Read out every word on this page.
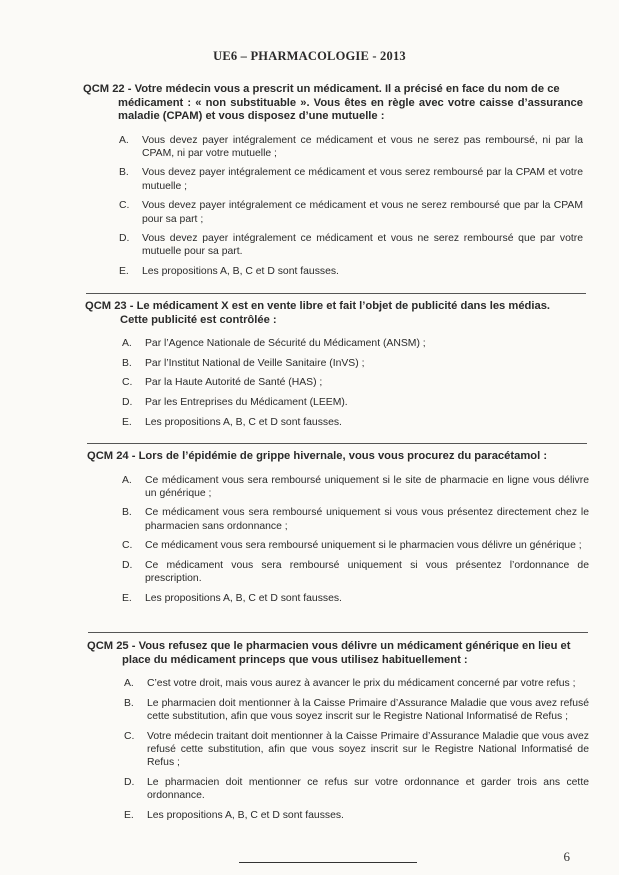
UE6 – PHARMACOLOGIE - 2013
QCM 22 - Votre médecin vous a prescrit un médicament. Il a précisé en face du nom de ce
médicament : « non substituable ». Vous êtes en règle avec votre caisse d’assurance maladie (CPAM) et vous disposez d’une mutuelle :
A.	Vous devez payer intégralement ce médicament et vous ne serez pas remboursé, ni par la CPAM, ni par votre mutuelle ;
B.	Vous devez payer intégralement ce médicament et vous serez remboursé par la CPAM et votre mutuelle ;
C.	Vous devez payer intégralement ce médicament et vous ne serez remboursé que par la CPAM pour sa part ;
D.	Vous devez payer intégralement ce médicament et vous ne serez remboursé que par votre mutuelle pour sa part.
E.	Les propositions A, B, C et D sont fausses.
QCM 23 - Le médicament X est en vente libre et fait l’objet de publicité dans les médias.
Cette publicité est contrôlée :
A.	Par l’Agence Nationale de Sécurité du Médicament (ANSM) ;
B.	Par l’Institut National de Veille Sanitaire (InVS) ;
C.	Par la Haute Autorité de Santé (HAS) ;
D.	Par les Entreprises du Médicament (LEEM).
E.	Les propositions A, B, C et D sont fausses.
QCM 24 - Lors de l’épidémie de grippe hivernale, vous vous procurez du paracétamol :
A.	Ce médicament vous sera remboursé uniquement si le site de pharmacie en ligne vous délivre un générique ;
B.	Ce médicament vous sera remboursé uniquement si vous vous présentez directement chez le pharmacien sans ordonnance ;
C.	Ce médicament vous sera remboursé uniquement si le pharmacien vous délivre un générique ;
D.	Ce médicament vous sera remboursé uniquement si vous présentez l’ordonnance de prescription.
E.	Les propositions A, B, C et D sont fausses.
QCM 25 - Vous refusez que le pharmacien vous délivre un médicament générique en lieu et
place du médicament princeps que vous utilisez habituellement :
A.	C’est votre droit, mais vous aurez à avancer le prix du médicament concerné par votre refus ;
B.	Le pharmacien doit mentionner à la Caisse Primaire d’Assurance Maladie que vous avez refusé cette substitution, afin que vous soyez inscrit sur le Registre National Informatisé de Refus ;
C.	Votre médecin traitant doit mentionner à la Caisse Primaire d’Assurance Maladie que vous avez refusé cette substitution, afin que vous soyez inscrit sur le Registre National Informatisé de Refus ;
D.	Le pharmacien doit mentionner ce refus sur votre ordonnance et garder trois ans cette ordonnance.
E.	Les propositions A, B, C et D sont fausses.
6
